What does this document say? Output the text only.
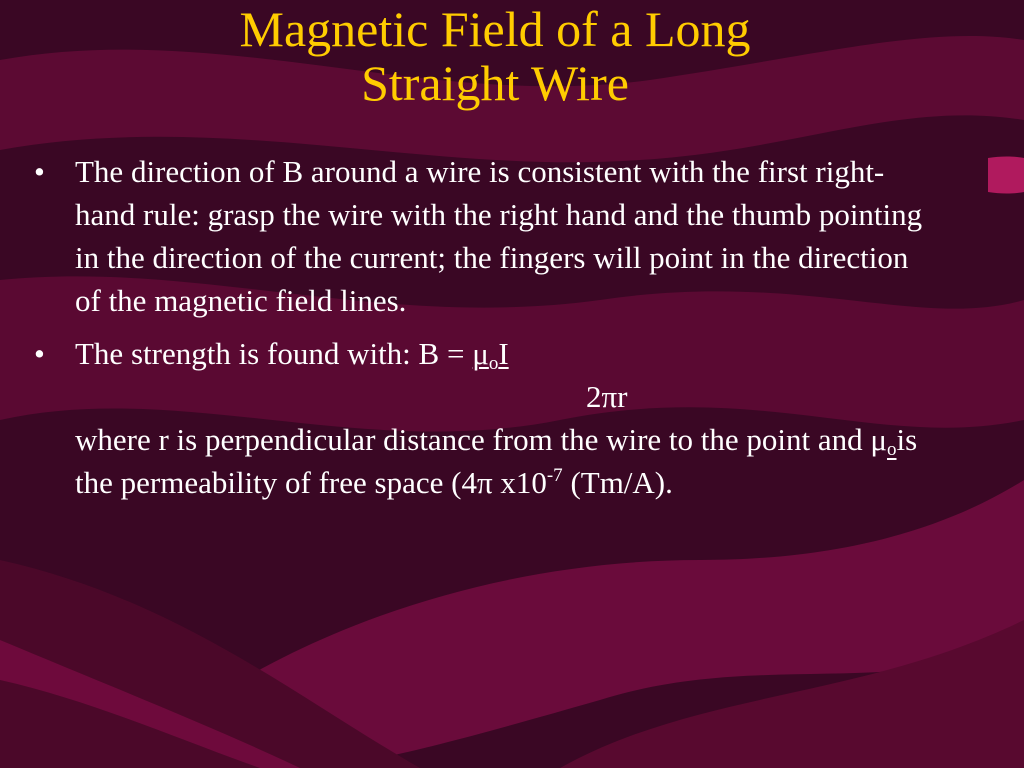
Magnetic Field of a Long
Straight Wire
• The direction of B around a wire is consistent with the first right-hand rule: grasp the wire with the right hand and the thumb pointing in the direction of the current; the fingers will point in the direction of the magnetic field lines.
• The strength is found with: $B = \mu_oI$
2πr
where r is perpendicular distance from the wire to the point and $\mu_ois$ the permeability of free space (4π $x10^{-7}$ (Tm/A).
